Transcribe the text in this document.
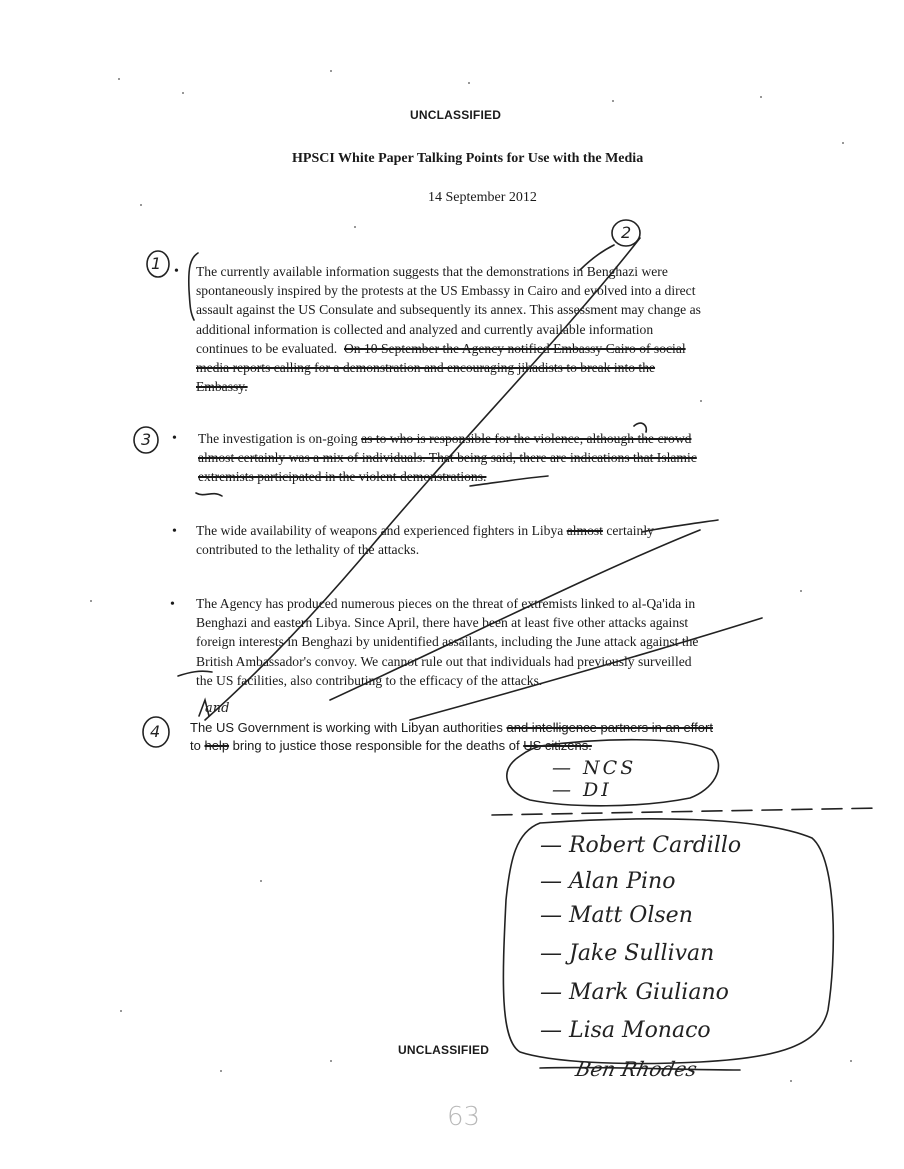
UNCLASSIFIED
HPSCI White Paper Talking Points for Use with the Media
14 September 2012
• The currently available information suggests that the demonstrations in Benghazi were
spontaneously inspired by the protests at the US Embassy in Cairo and evolved into a direct
assault against the US Consulate and subsequently its annex. This assessment may change as
additional information is collected and analyzed and currently available information
continues to be evaluated. On 10 September the Agency notified Embassy Cairo of social
media reports calling for a demonstration and encouraging jihadists to break into the
Embassy.
• The investigation is on-going as to who is responsible for the violence, although the crowd
almost certainly was a mix of individuals. That being said, there are indications that Islamic
extremists participated in the violent demonstrations.
• The wide availability of weapons and experienced fighters in Libya almost certainly
contributed to the lethality of the attacks.
• The Agency has produced numerous pieces on the threat of extremists linked to al-Qa'ida in
Benghazi and eastern Libya. Since April, there have been at least five other attacks against
foreign interests in Benghazi by unidentified assailants, including the June attack against the
British Ambassador's convoy. We cannot rule out that individuals had previously surveilled
the US facilities, also contributing to the efficacy of the attacks.
The US Government is working with Libyan authorities and intelligence partners in an effort
to help bring to justice those responsible for the deaths of US citizens.
1
2
3
4
and
— NCS
— DI
— Robert Cardillo
— Alan Pino
— Matt Olsen
— Jake Sullivan
— Mark Giuliano
— Lisa Monaco
Ben Rhodes
UNCLASSIFIED
63
